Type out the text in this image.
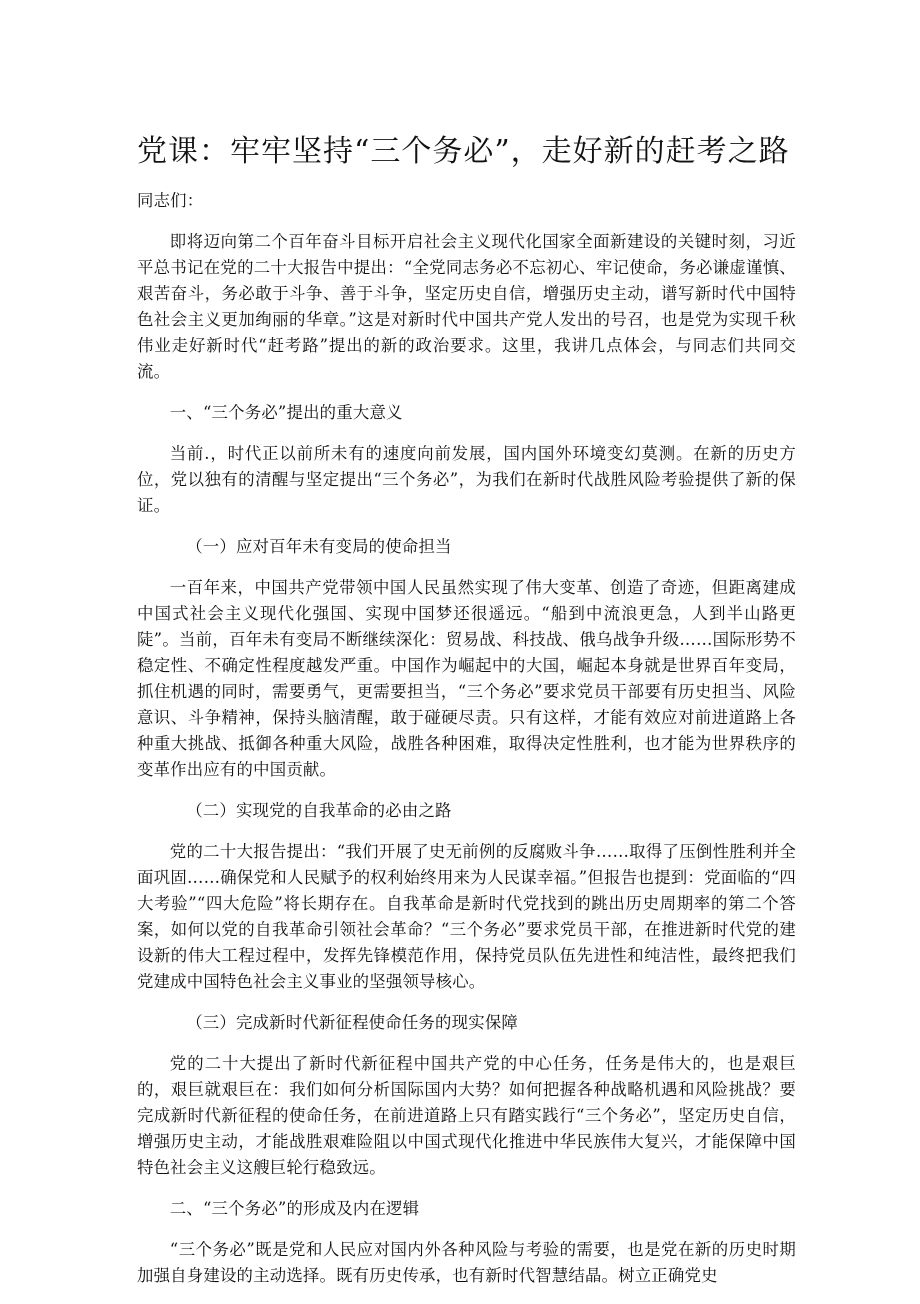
党课：牢牢坚持“三个务必”，走好新的赶考之路

同志们：

即将迈向第二个百年奋斗目标开启社会主义现代化国家全面新建设的关键时刻，习近平总书记在党的二十大报告中提出：“全党同志务必不忘初心、牢记使命，务必谦虚谨慎、艰苦奋斗，务必敢于斗争、善于斗争，坚定历史自信，增强历史主动，谱写新时代中国特色社会主义更加绚丽的华章。”这是对新时代中国共产党人发出的号召，也是党为实现千秋伟业走好新时代“赶考路”提出的新的政治要求。这里，我讲几点体会，与同志们共同交流。

一、“三个务必”提出的重大意义

当前.，时代正以前所未有的速度向前发展，国内国外环境变幻莫测。在新的历史方位，党以独有的清醒与坚定提出“三个务必”，为我们在新时代战胜风险考验提供了新的保证。

（一）应对百年未有变局的使命担当

一百年来，中国共产党带领中国人民虽然实现了伟大变革、创造了奇迹，但距离建成中国式社会主义现代化强国、实现中国梦还很遥远。“船到中流浪更急，人到半山路更陡”。当前，百年未有变局不断继续深化：贸易战、科技战、俄乌战争升级……国际形势不稳定性、不确定性程度越发严重。中国作为崛起中的大国，崛起本身就是世界百年变局，抓住机遇的同时，需要勇气，更需要担当，“三个务必”要求党员干部要有历史担当、风险意识、斗争精神，保持头脑清醒，敢于碰硬尽责。只有这样，才能有效应对前进道路上各种重大挑战、抵御各种重大风险，战胜各种困难，取得决定性胜利，也才能为世界秩序的变革作出应有的中国贡献。

（二）实现党的自我革命的必由之路

党的二十大报告提出：“我们开展了史无前例的反腐败斗争……取得了压倒性胜利并全面巩固……确保党和人民赋予的权利始终用来为人民谋幸福。”但报告也提到：党面临的“四大考验”“四大危险”将长期存在。自我革命是新时代党找到的跳出历史周期率的第二个答案，如何以党的自我革命引领社会革命？“三个务必”要求党员干部，在推进新时代党的建设新的伟大工程过程中，发挥先锋模范作用，保持党员队伍先进性和纯洁性，最终把我们党建成中国特色社会主义事业的坚强领导核心。

（三）完成新时代新征程使命任务的现实保障

党的二十大提出了新时代新征程中国共产党的中心任务，任务是伟大的，也是艰巨的，艰巨就艰巨在：我们如何分析国际国内大势？如何把握各种战略机遇和风险挑战？要完成新时代新征程的使命任务，在前进道路上只有踏实践行“三个务必”，坚定历史自信，增强历史主动，才能战胜艰难险阻以中国式现代化推进中华民族伟大复兴，才能保障中国特色社会主义这艘巨轮行稳致远。

二、“三个务必”的形成及内在逻辑

“三个务必”既是党和人民应对国内外各种风险与考验的需要，也是党在新的历史时期加强自身建设的主动选择。既有历史传承，也有新时代智慧结晶。树立正确党史
